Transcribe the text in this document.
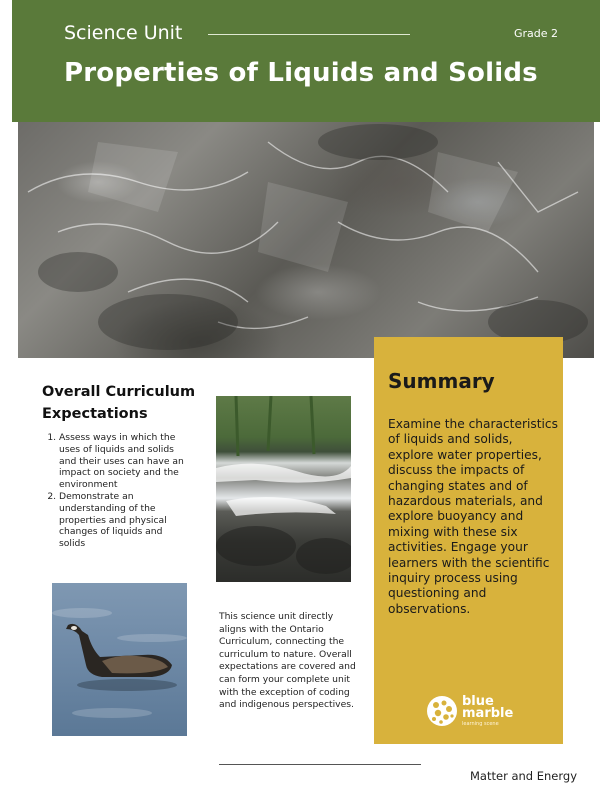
Science Unit	Grade 2
Properties of Liquids and Solids
Overall Curriculum Expectations
1. Assess ways in which the uses of liquids and solids and their uses can have an impact on society and the environment
2. Demonstrate an understanding of the properties and physical changes of liquids and solids
This science unit directly aligns with the Ontario Curriculum, connecting the curriculum to nature. Overall expectations are covered and can form your complete unit with the exception of coding and indigenous perspectives.
Summary
Examine the characteristics of liquids and solids, explore water properties, discuss the impacts of changing states and of hazardous materials, and explore buoyancy and mixing with these six activities. Engage your learners with the scientific inquiry process using questioning and observations.
blue
marble
learning scene
Matter and Energy
